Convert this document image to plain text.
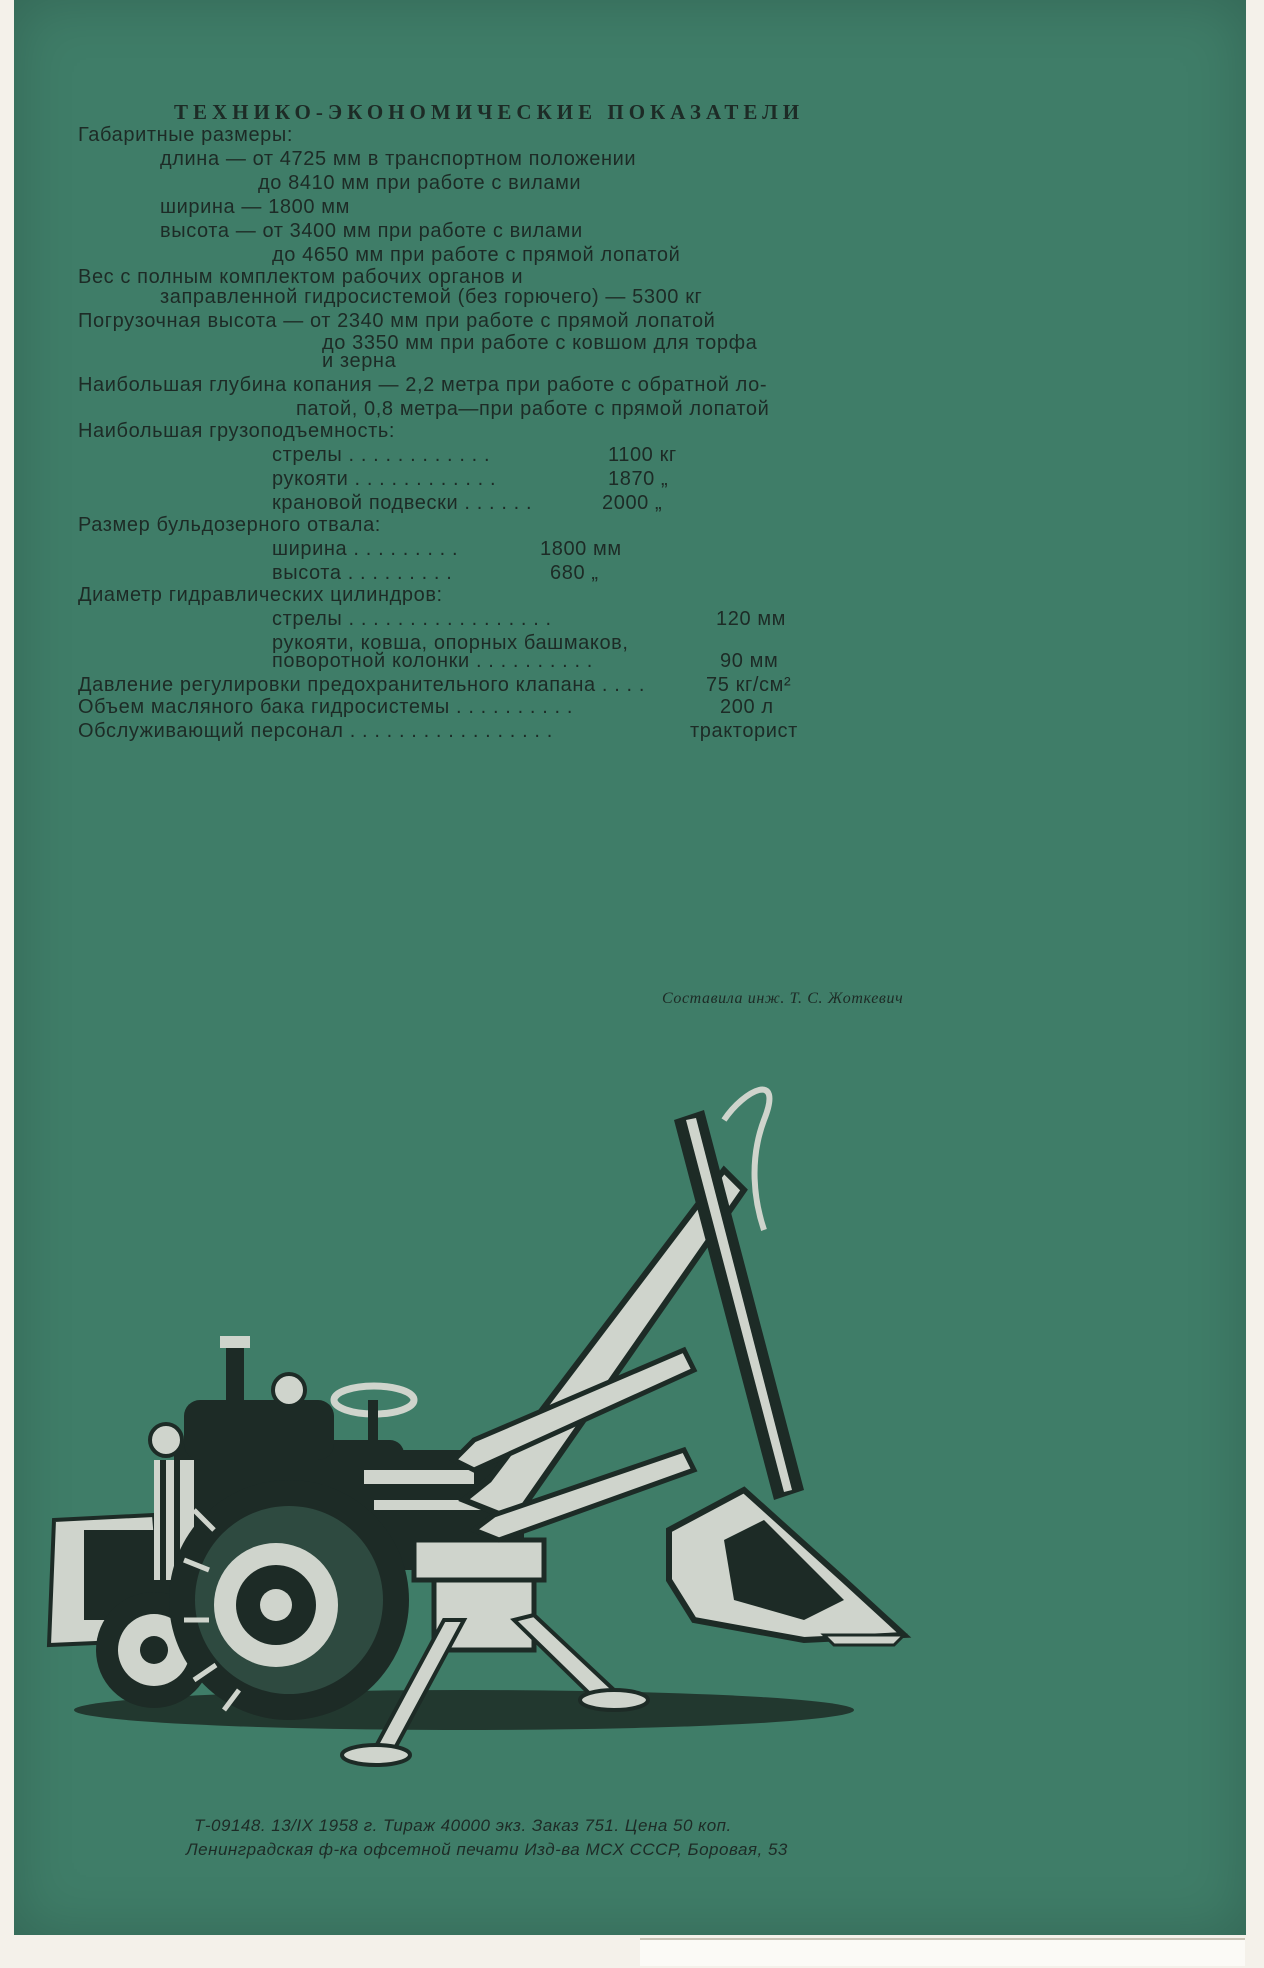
ТЕХНИКО-ЭКОНОМИЧЕСКИЕ ПОКАЗАТЕЛИ
Габаритные размеры:
длина — от 4725 мм в транспортном положении
до 8410 мм при работе с вилами
ширина — 1800 мм
высота — от 3400 мм при работе с вилами
до 4650 мм при работе с прямой лопатой
Вес с полным комплектом рабочих органов и
заправленной гидросистемой (без горючего) — 5300 кг
Погрузочная высота — от 2340 мм при работе с прямой лопатой
до 3350 мм при работе с ковшом для торфа
и зерна
Наибольшая глубина копания — 2,2 метра при работе с обратной ло-
патой, 0,8 метра—при работе с прямой лопатой
Наибольшая грузоподъемность:
стрелы . . . . . . . . . . . .	1100 кг
рукояти . . . . . . . . . . . .	1870 „
крановой подвески . . . . . .	2000 „
Размер бульдозерного отвала:
ширина . . . . . . . . .	1800 мм
высота . . . . . . . . .	680 „
Диаметр гидравлических цилиндров:
стрелы . . . . . . . . . . . . . . . . .	120 мм
рукояти, ковша, опорных башмаков,
поворотной колонки . . . . . . . . . .	90 мм
Давление регулировки предохранительного клапана . . . .	75 кг/см²
Объем масляного бака гидросистемы . . . . . . . . . .	200 л
Обслуживающий персонал . . . . . . . . . . . . . . . . .	тракторист
Составила инж. Т. С. Жоткевич
Т-09148. 13/IX 1958 г. Тираж 40000 экз. Заказ 751. Цена 50 коп.
Ленинградская ф-ка офсетной печати Изд-ва МСХ СССР, Боровая, 53
